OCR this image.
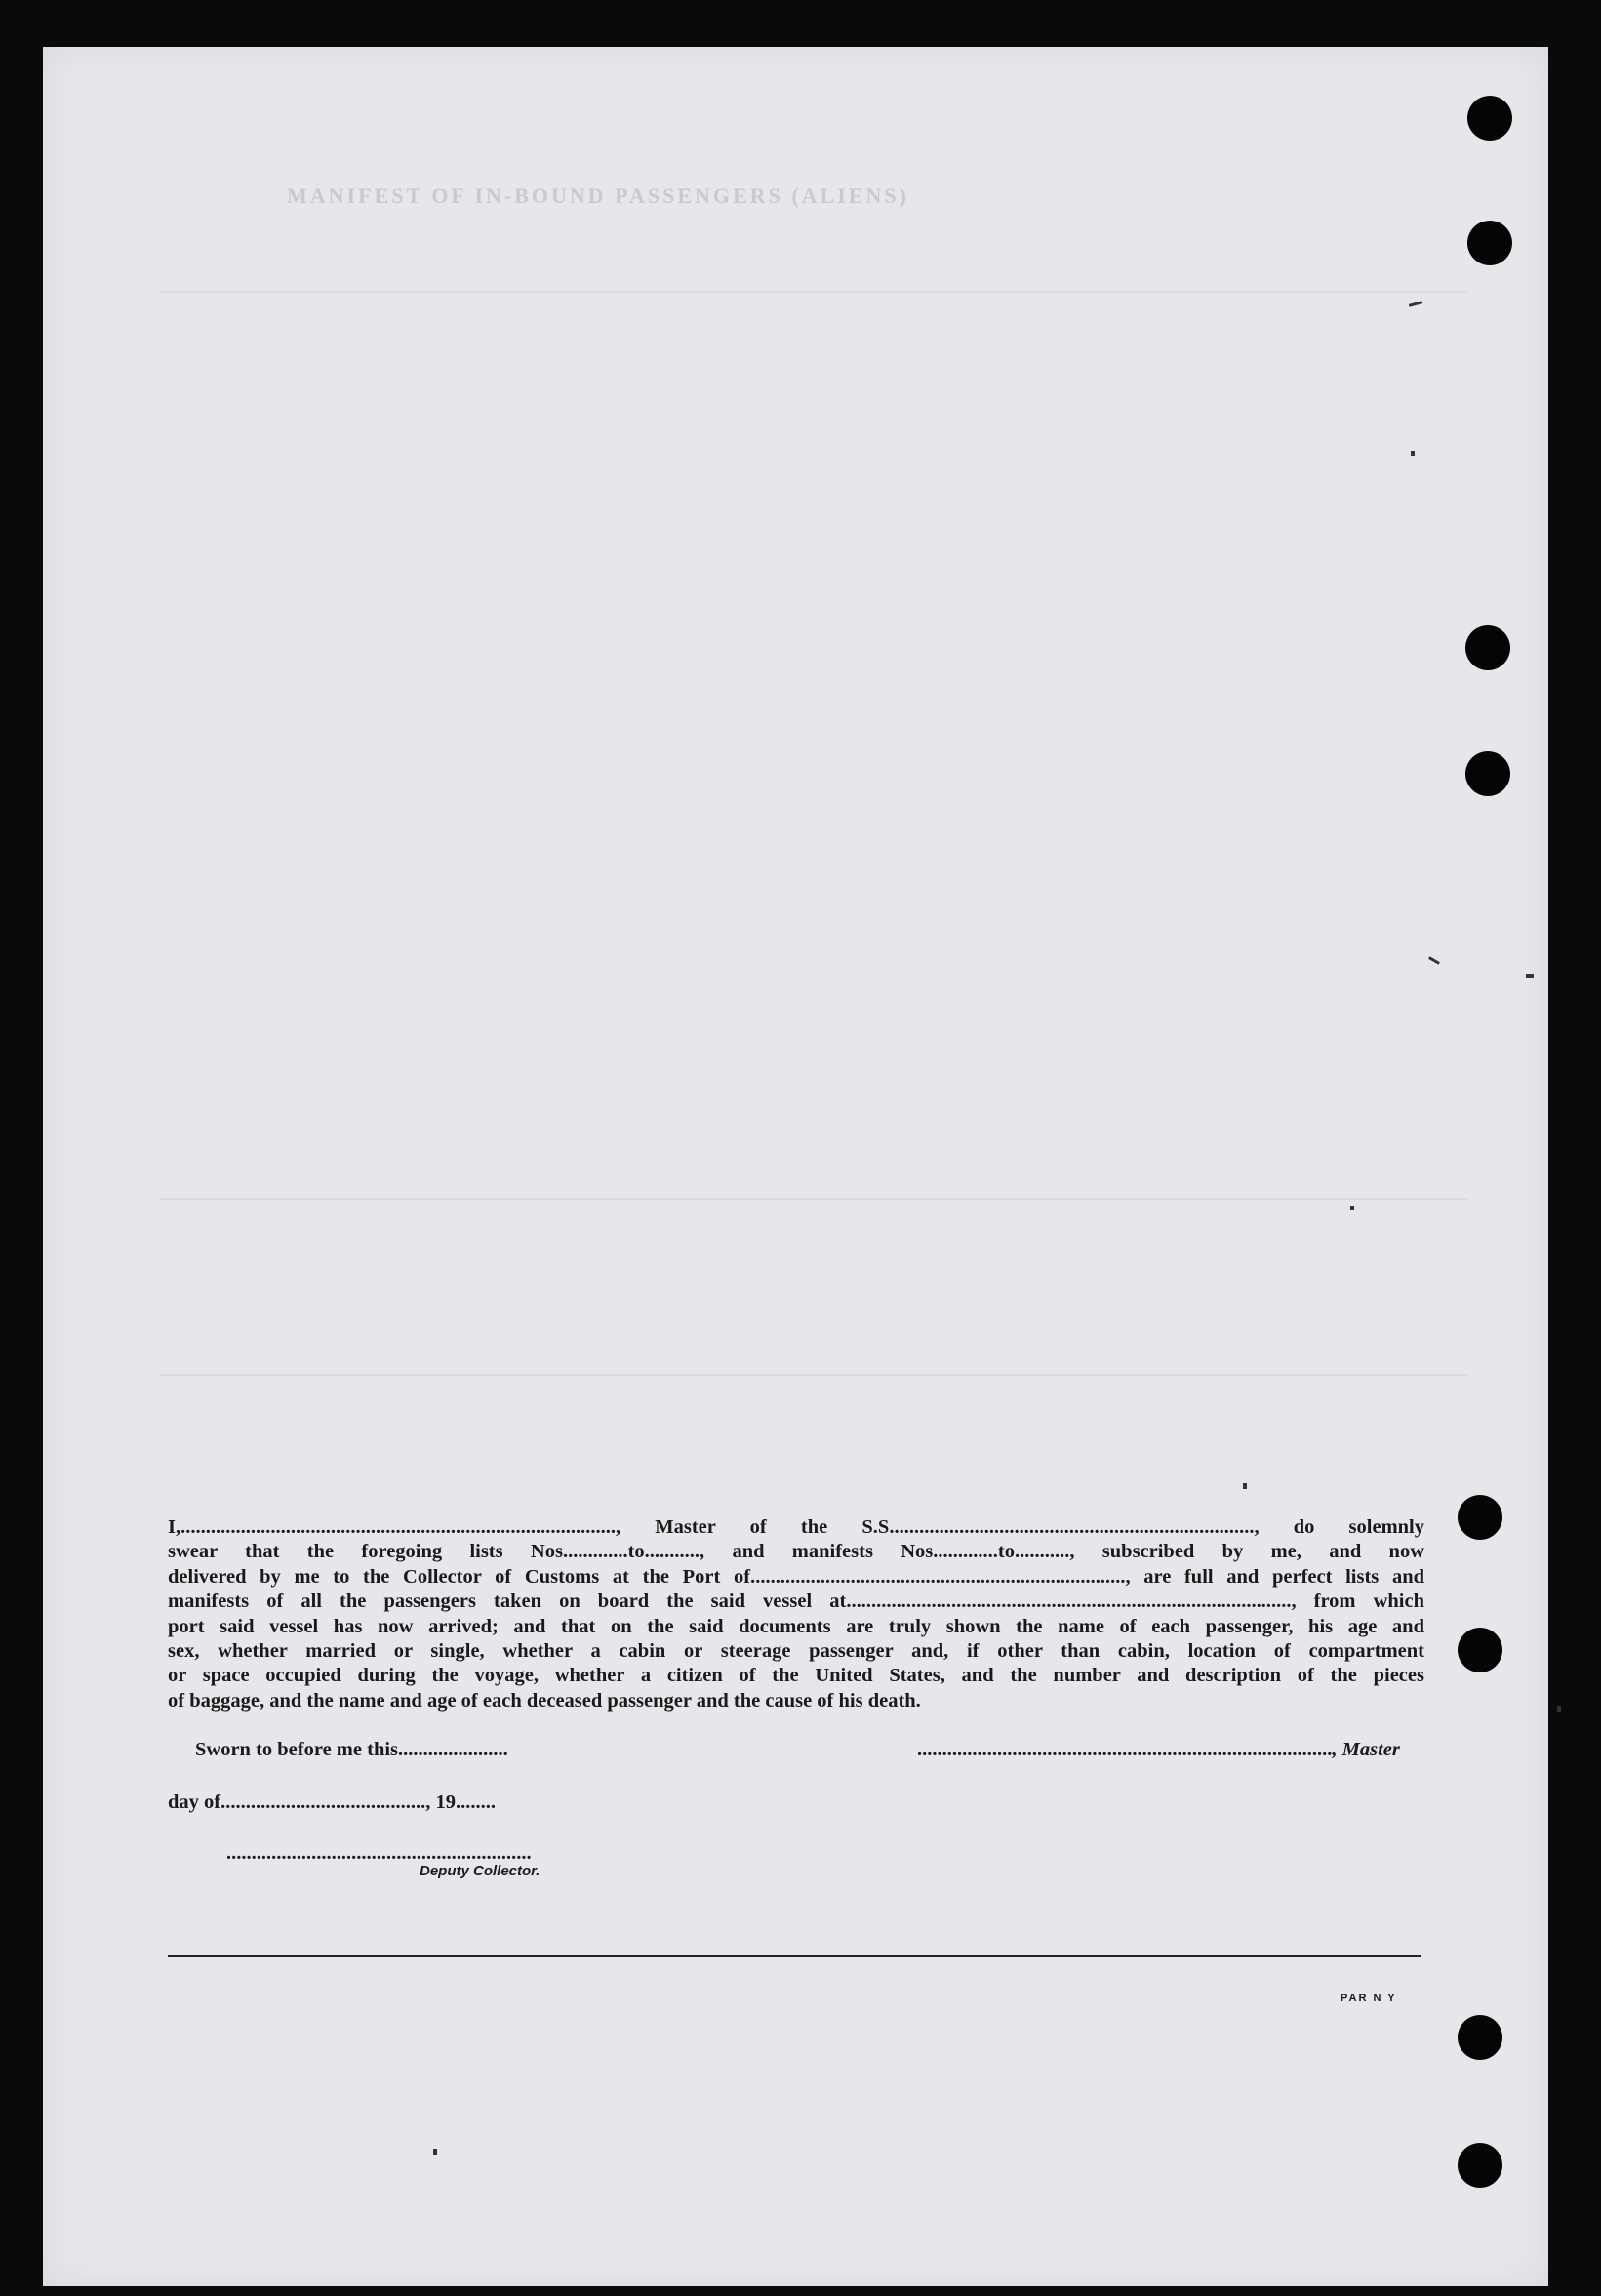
MANIFEST OF IN-BOUND PASSENGERS (ALIENS)
I,......................................................................................., Master of the S.S........................................................................., do solemnly
swear that the foregoing lists Nos.............to..........., and manifests Nos.............to..........., subscribed by me, and now
delivered by me to the Collector of Customs at the Port of..........................................................................., are full and perfect lists and
manifests of all the passengers taken on board the said vessel at........................................................................................., from which
port said vessel has now arrived; and that on the said documents are truly shown the name of each passenger, his age and
sex, whether married or single, whether a cabin or steerage passenger and, if other than cabin, location of compartment
or space occupied during the voyage, whether a citizen of the United States, and the number and description of the pieces
of baggage, and the name and age of each deceased passenger and the cause of his death.
Sworn to before me this......................	..................................................................................., Master
day of........................................., 19........
.............................................................
Deputy Collector.
PAR N Y
